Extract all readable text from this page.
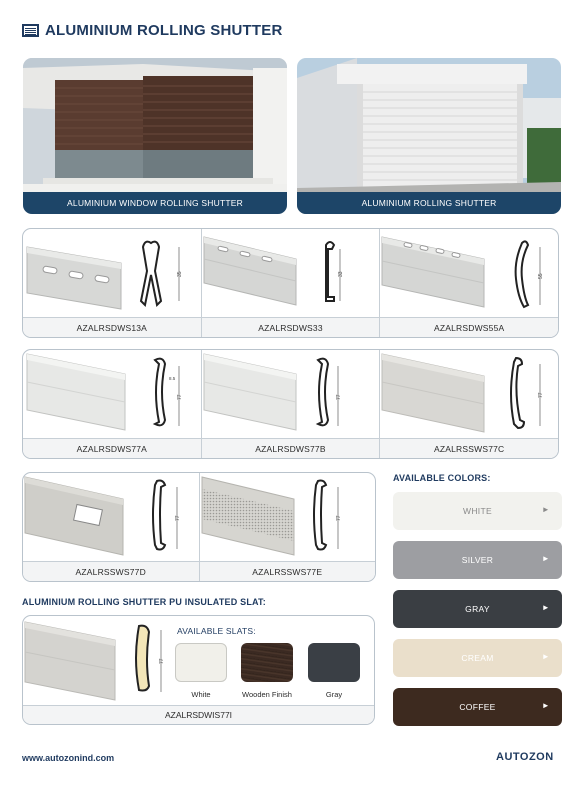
ALUMINIUM ROLLING SHUTTER
ALUMINIUM WINDOW ROLLING SHUTTER	ALUMINIUM ROLLING SHUTTER
35
AZALRSDWS13A
33
AZALRSDWS33
55
AZALRSDWS55A
77
8.5
AZALRSDWS77A
77
AZALRSDWS77B
77
AZALRSSWS77C
77
AZALRSSWS77D
77
AZALRSSWS77E
AVAILABLE COLORS:
WHITE	►
SILVER	►
GRAY	►
CREAM	►
COFFEE	►
ALUMINIUM ROLLING SHUTTER PU INSULATED SLAT:
77
AVAILABLE SLATS:
White	Wooden Finish	Gray
AZALRSDWIS77I
www.autozonind.com	AUTOZON
